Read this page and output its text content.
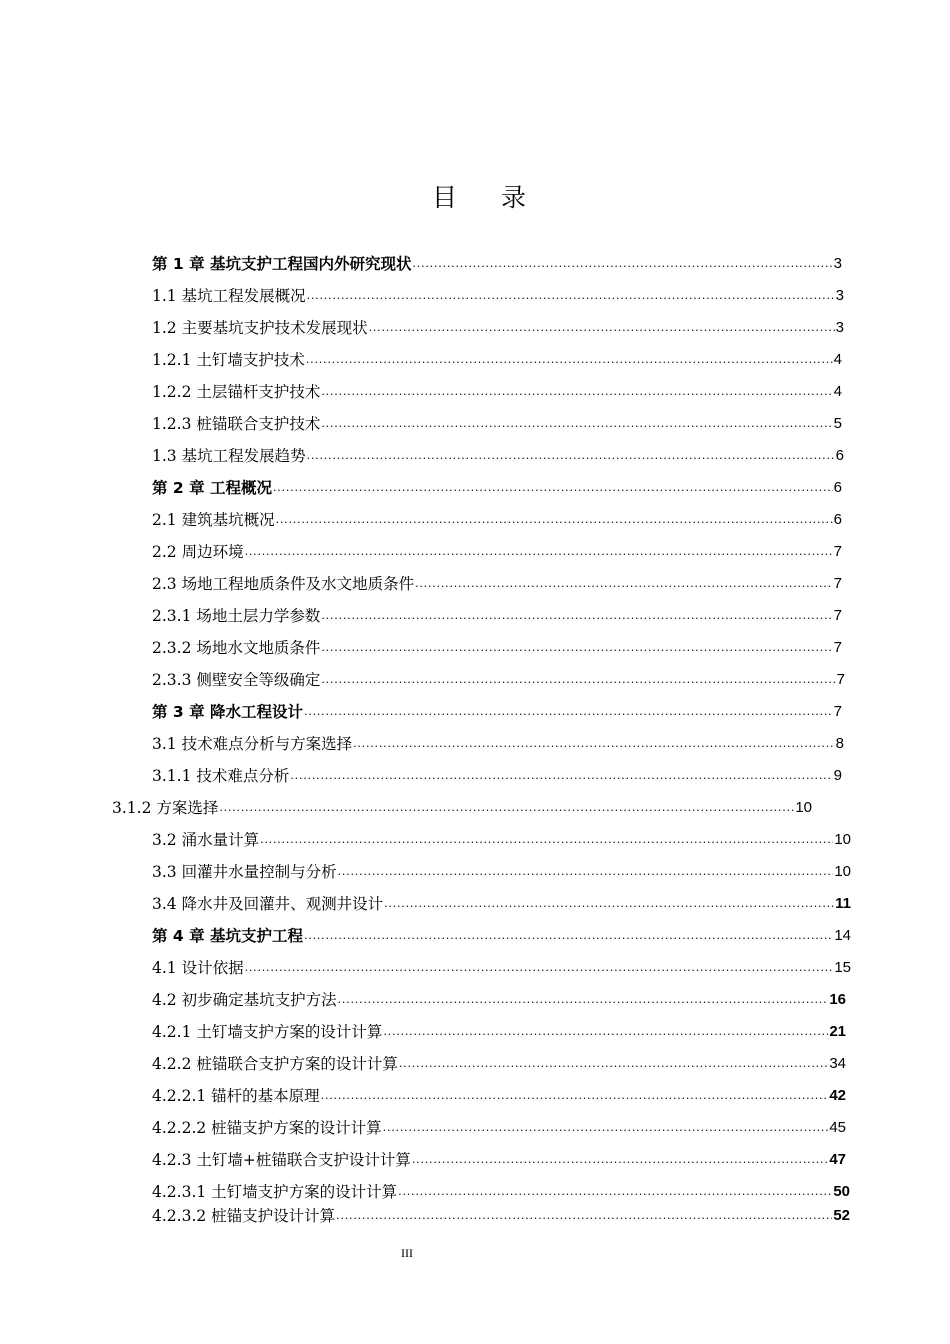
目 录
第 1 章 基坑支护工程国内外研究现状 .....	3
1.1 基坑工程发展概况 .....	3
1.2 主要基坑支护技术发展现状 .....	3
1.2.1 土钉墙支护技术 .....	4
1.2.2 土层锚杆支护技术 .....	4
1.2.3 桩锚联合支护技术 .....	5
1.3 基坑工程发展趋势 .....	6
第 2 章 工程概况 .....	6
2.1 建筑基坑概况 .....	6
2.2 周边环境 .....	7
2.3 场地工程地质条件及水文地质条件 .....	7
2.3.1 场地土层力学参数 .....	7
2.3.2 场地水文地质条件 .....	7
2.3.3 侧壁安全等级确定 .....	7
第 3 章 降水工程设计 .....	7
3.1 技术难点分析与方案选择 .....	8
3.1.1 技术难点分析 .....	9
3.1.2 方案选择 .....	10
3.2 涌水量计算 .....	10
3.3 回灌井水量控制与分析 .....	10
3.4 降水井及回灌井、观测井设计 .....	11
第 4 章 基坑支护工程 .....	14
4.1 设计依据 .....	15
4.2 初步确定基坑支护方法 .....	16
4.2.1 土钉墙支护方案的设计计算 .....	21
4.2.2 桩锚联合支护方案的设计计算 .....	34
4.2.2.1 锚杆的基本原理 .....	42
4.2.2.2 桩锚支护方案的设计计算 .....	45
4.2.3 土钉墙+桩锚联合支护设计计算 .....	47
4.2.3.1 土钉墙支护方案的设计计算 .....	50
4.2.3.2 桩锚支护设计计算 .....	52
III
